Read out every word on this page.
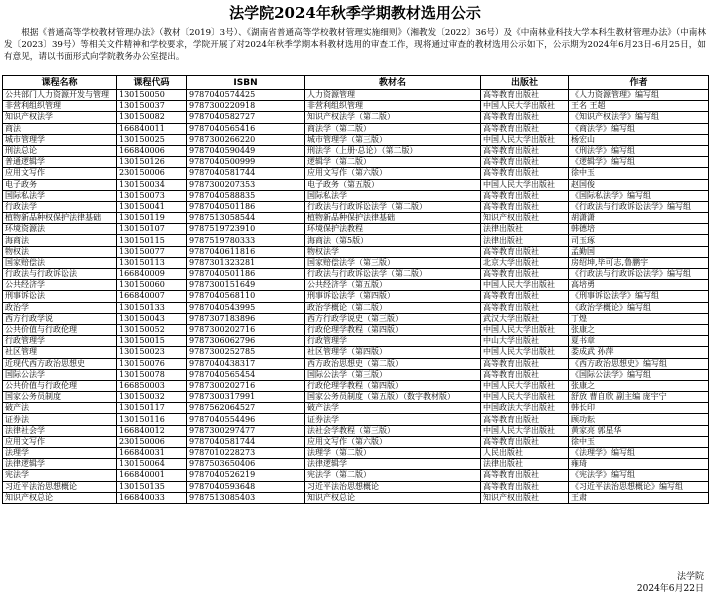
法学院2024年秋季学期教材选用公示
根据《普通高等学校教材管理办法》（教材〔2019〕3号）、《湖南省普通高等学校教材管理实施细则》（湘教发〔2022〕36号）及《中南林业科技大学本科生教材管理办法》（中南林发〔2023〕39号）等相关文件精神和学校要求，学院开展了对2024年秋季学期本科教材选用的审查工作，现将通过审查的教材选用公示如下，公示期为2024年6月23日-6月25日，如有意见，请以书面形式向学院教务办公室提出。
课程名称	课程代码	ISBN	教材名	出版社	作者
公共部门人力资源开发与管理	130150050	9787040574425	人力资源管理	高等教育出版社	《人力资源管理》编写组
非营利组织管理	130150037	9787300220918	非营利组织管理	中国人民大学出版社	王名 王超
知识产权法学	130150082	9787040582727	知识产权法学（第二版）	高等教育出版社	《知识产权法学》编写组
商法	166840011	9787040565416	商法学（第二版）	高等教育出版社	《商法学》编写组
城市管理学	130150025	9787300266220	城市管理学（第三版）	中国人民大学出版社	杨宏山
刑法总论	166840006	9787040590449	刑法学（上册·总论）（第二版）	高等教育出版社	《刑法学》编写组
普通逻辑学	130150126	9787040500999	逻辑学（第二版）	高等教育出版社	《逻辑学》编写组
应用文写作	230150006	9787040581744	应用文写作（第六版）	高等教育出版社	徐中玉
电子政务	130150034	9787300207353	电子政务（第五版）	中国人民大学出版社	赵国俊
国际私法学	130150073	9787040588835	国际私法学	高等教育出版社	《国际私法学》编写组
行政法学	130150041	9787040501186	行政法与行政诉讼法学（第二版）	高等教育出版社	《行政法与行政诉讼法学》编写组
植物新品种权保护法律基础	130150119	9787513058544	植物新品种保护法律基础	知识产权出版社	胡潇潇
环境资源法	130150107	9787519723910	环境保护法教程	法律出版社	韩德培
海商法	130150115	9787519780333	海商法（第5版）	法律出版社	司玉琢
物权法	130150077	9787040611816	物权法学	高等教育出版社	孟勤国
国家赔偿法	130150113	9787301323281	国家赔偿法学（第三版）	北京大学出版社	房绍坤,毕可志,鲁鹏宇
行政法与行政诉讼法	166840009	9787040501186	行政法与行政诉讼法学（第二版）	高等教育出版社	《行政法与行政诉讼法学》编写组
公共经济学	130150060	9787300151649	公共经济学（第五版）	中国人民大学出版社	高培勇
刑事诉讼法	166840007	9787040568110	刑事诉讼法学（第四版）	高等教育出版社	《刑事诉讼法学》编写组
政治学	130150133	9787040543995	政治学概论（第二版）	高等教育出版社	《政治学概论》编写组
西方行政学说	130150043	9787307183896	西方行政学说史（第三版）	武汉大学出版社	丁煌
公共价值与行政伦理	130150052	9787300202716	行政伦理学教程（第四版）	中国人民大学出版社	张康之
行政管理学	130150015	9787306062796	行政管理学	中山大学出版社	夏书章
社区管理	130150023	9787300252785	社区管理学（第四版）	中国人民大学出版社	娄成武 孙萍
近现代西方政治思想史	130150076	9787040438317	西方政治思想史（第二版）	高等教育出版社	《西方政治思想史》编写组
国际公法学	130150078	9787040565454	国际公法学（第三版）	高等教育出版社	《国际公法学》编写组
公共价值与行政伦理	166850003	9787300202716	行政伦理学教程（第四版）	中国人民大学出版社	张康之
国家公务员制度	130150032	9787300317991	国家公务员制度（第五版）（数字教材版）	中国人民大学出版社	舒放 曹自欣 副主编 庞宇宁
破产法	130150117	9787562064527	破产法学	中国政法大学出版社	韩长印
证券法	130150116	9787040554496	证券法学	高等教育出版社	顾功耘
法律社会学	166840012	9787300297477	法社会学教程（第三版）	中国人民大学出版社	黄家亮 郭星华
应用文写作	230150006	9787040581744	应用文写作（第六版）	高等教育出版社	徐中玉
法理学	166840031	9787010228273	法理学（第二版）	人民出版社	《法理学》编写组
法律逻辑学	130150064	9787503650406	法律逻辑学	法律出版社	雍琦
宪法学	166840001	9787040526219	宪法学（第二版）	高等教育出版社	《宪法学》编写组
习近平法治思想概论	130150135	9787040593648	习近平法治思想概论	高等教育出版社	《习近平法治思想概论》编写组
知识产权总论	166840033	9787513085403	知识产权总论	知识产权出版社	王肃
法学院
2024年6月22日
